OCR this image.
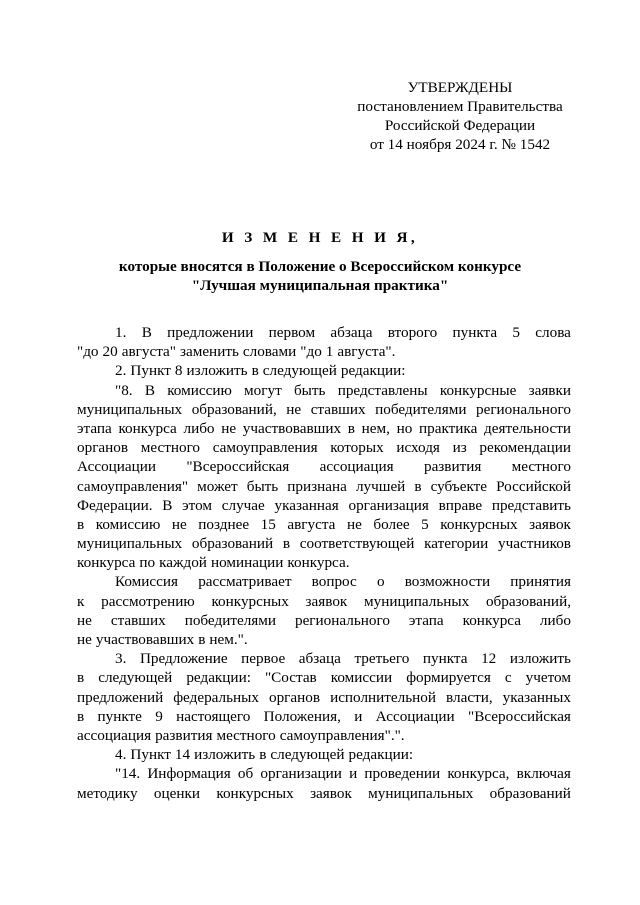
УТВЕРЖДЕНЫ
постановлением Правительства
Российской Федерации
от 14 ноября 2024 г. № 1542
И З М Е Н Е Н И Я,
которые вносятся в Положение о Всероссийском конкурсе
"Лучшая муниципальная практика"
1. В предложении первом абзаца второго пункта 5 слова
"до 20 августа" заменить словами "до 1 августа".
2. Пункт 8 изложить в следующей редакции:
"8. В комиссию могут быть представлены конкурсные заявки
муниципальных образований, не ставших победителями регионального
этапа конкурса либо не участвовавших в нем, но практика деятельности
органов местного самоуправления которых исходя из рекомендации
Ассоциации "Всероссийская ассоциация развития местного
самоуправления" может быть признана лучшей в субъекте Российской
Федерации. В этом случае указанная организация вправе представить
в комиссию не позднее 15 августа не более 5 конкурсных заявок
муниципальных образований в соответствующей категории участников
конкурса по каждой номинации конкурса.
Комиссия рассматривает вопрос о возможности принятия
к рассмотрению конкурсных заявок муниципальных образований,
не ставших победителями регионального этапа конкурса либо
не участвовавших в нем.".
3. Предложение первое абзаца третьего пункта 12 изложить
в следующей редакции: "Состав комиссии формируется с учетом
предложений федеральных органов исполнительной власти, указанных
в пункте 9 настоящего Положения, и Ассоциации "Всероссийская
ассоциация развития местного самоуправления".".
4. Пункт 14 изложить в следующей редакции:
"14. Информация об организации и проведении конкурса, включая
методику оценки конкурсных заявок муниципальных образований
